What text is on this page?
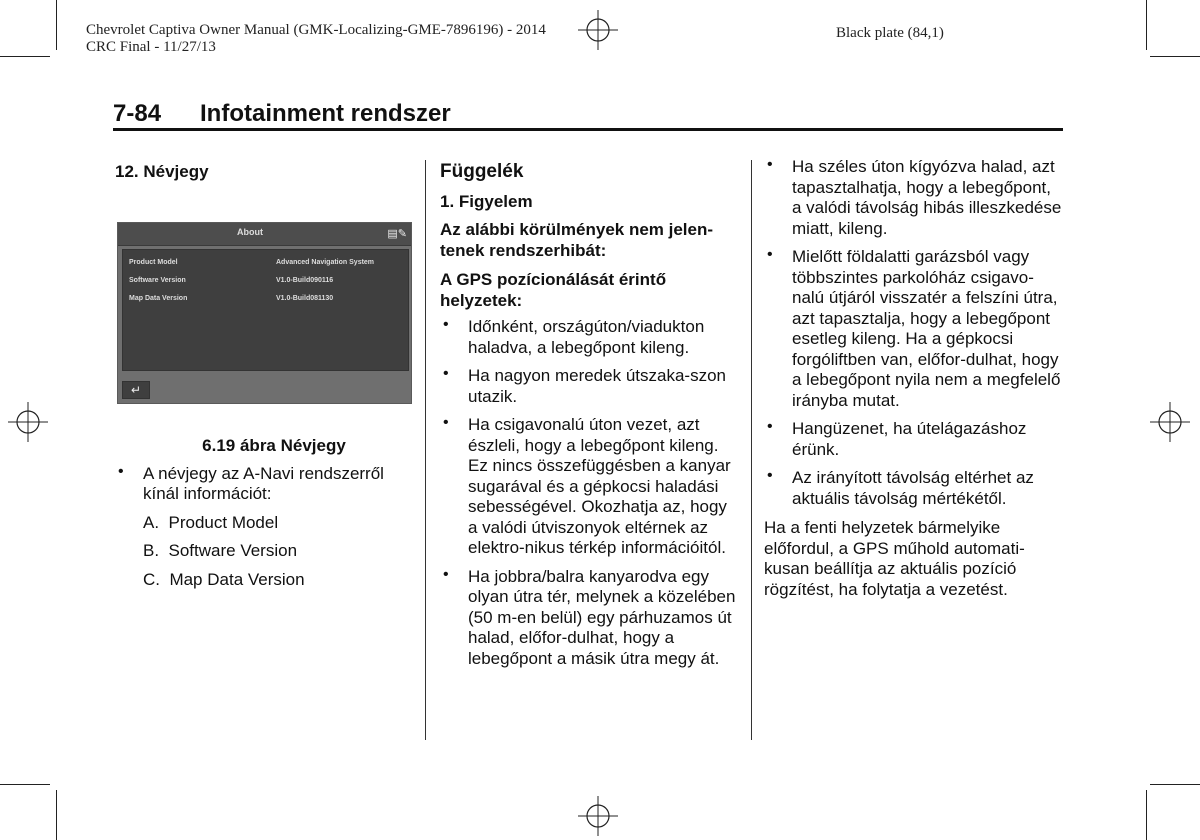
Chevrolet Captiva Owner Manual (GMK-Localizing-GME-7896196) - 2014
CRC Final - 11/27/13
Black plate (84,1)
7-84 Infotainment rendszer

12. Névjegy

About	▤✎
Product Model	Advanced Navigation System
Software Version	V1.0-Build090116
Map Data Version	V1.0-Build081130
↵

6.19 ábra Névjegy

• A névjegy az A-Navi rendszerről kínál információt:

A.  Product Model

B.  Software Version

C.  Map Data Version

Függelék

1. Figyelem

Az alábbi körülmények nem jelen-tenek rendszerhibát:

A GPS pozícionálását érintő helyzetek:

• Időnként, országúton/viadukton haladva, a lebegőpont kileng.
• Ha nagyon meredek útszaka-szon utazik.
• Ha csigavonalú úton vezet, azt észleli, hogy a lebegőpont kileng. Ez nincs összefüggésben a kanyar sugarával és a gépkocsi haladási sebességével. Okozhatja az, hogy a valódi útviszonyok eltérnek az elektro-nikus térkép információitól.
• Ha jobbra/balra kanyarodva egy olyan útra tér, melynek a közelében (50 m-en belül) egy párhuzamos út halad, előfor-dulhat, hogy a lebegőpont a másik útra megy át.
• Ha széles úton kígyózva halad, azt tapasztalhatja, hogy a lebegőpont, a valódi távolság hibás illeszkedése miatt, kileng.
• Mielőtt földalatti garázsból vagy többszintes parkolóház csigavo-nalú útjáról visszatér a felszíni útra, azt tapasztalja, hogy a lebegőpont esetleg kileng. Ha a gépkocsi forgóliftben van, előfor-dulhat, hogy a lebegőpont nyila nem a megfelelő irányba mutat.
• Hangüzenet, ha útelágazáshoz érünk.
• Az irányított távolság eltérhet az aktuális távolság mértékétől.

Ha a fenti helyzetek bármelyike előfordul, a GPS műhold automati-kusan beállítja az aktuális pozíció rögzítést, ha folytatja a vezetést.
